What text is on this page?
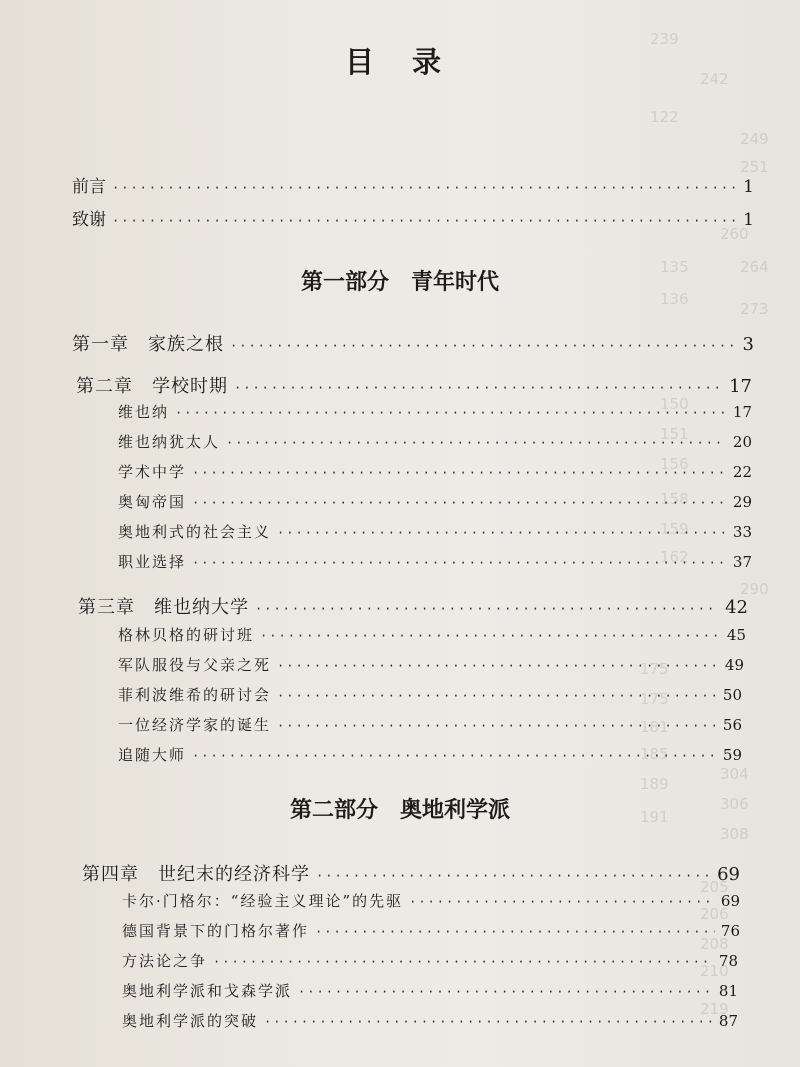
239
242
122
249
251
260
135	264
136
273
150
151
156
158
159
162
290
175
175
181
185
189
191
304
306
308
205
206
208
210
219
目 录
前言 ·····	1
致谢 ·····	1
第一部分　青年时代
第一章　家族之根 ·····	3
第二章　学校时期 ·····	17
维也纳 ·····	17
维也纳犹太人 ·····	20
学术中学 ·····	22
奥匈帝国 ·····	29
奥地利式的社会主义 ·····	33
职业选择 ·····	37
第三章　维也纳大学 ·····	42
格林贝格的研讨班 ·····	45
军队服役与父亲之死 ·····	49
菲利波维希的研讨会 ·····	50
一位经济学家的诞生 ·····	56
追随大师 ·····	59
第二部分　奥地利学派
第四章　世纪末的经济科学 ·····	69
卡尔·门格尔：“经验主义理论”的先驱 ·····	69
德国背景下的门格尔著作 ·····	76
方法论之争 ·····	78
奥地利学派和戈森学派 ·····	81
奥地利学派的突破 ·····	87
